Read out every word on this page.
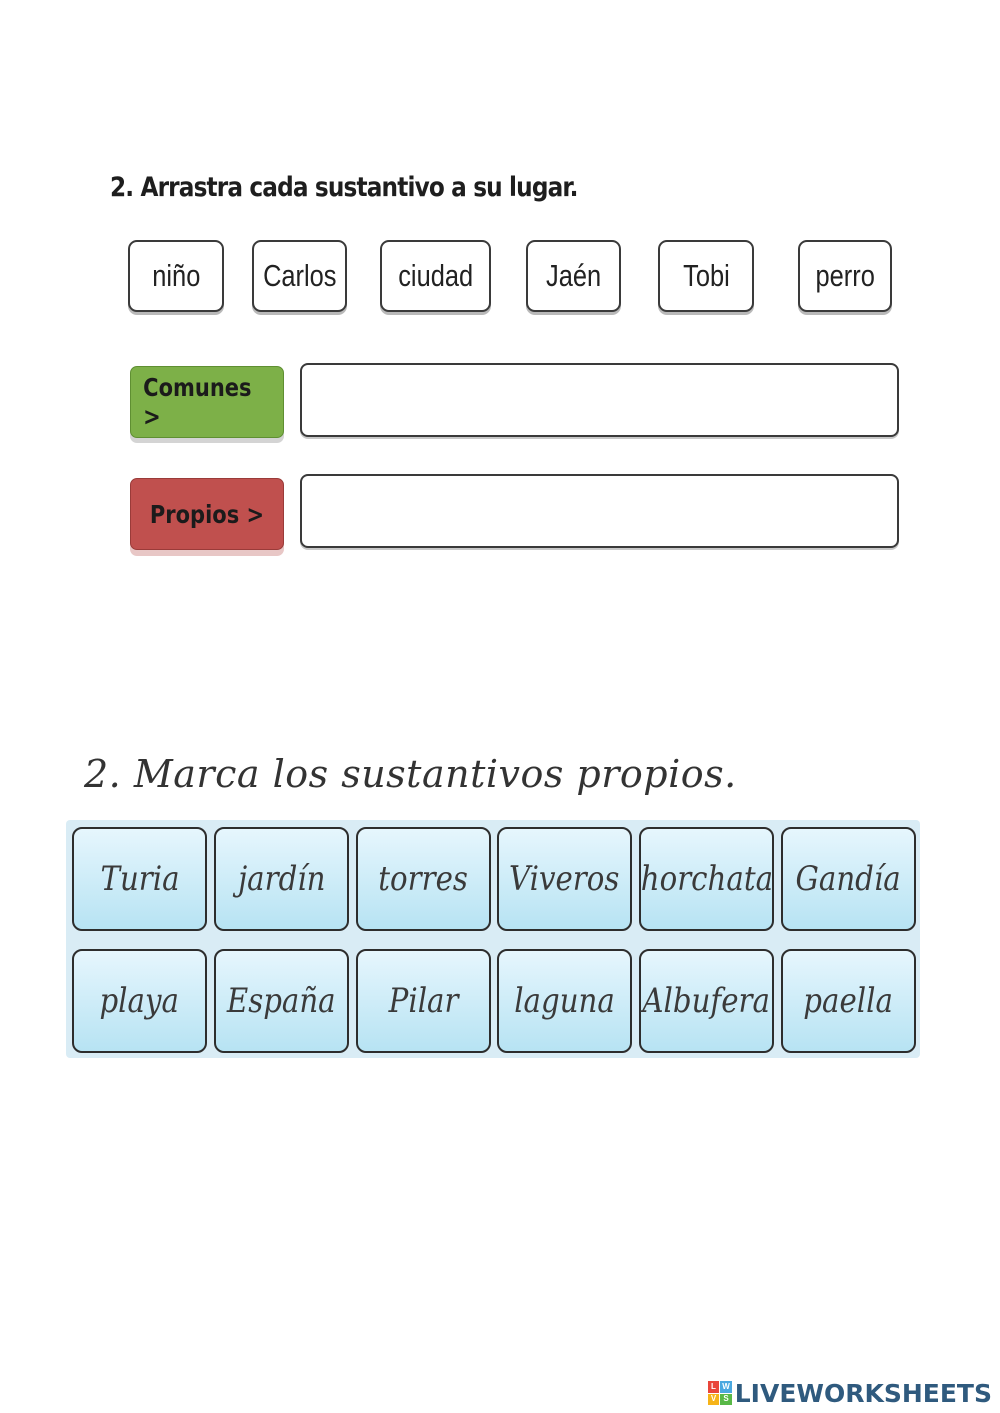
2. Arrastra cada sustantivo a su lugar.
niño Carlos ciudad Jaén	Tobi	perro
Comunes >
Propios >
2. Marca los sustantivos propios.
Turia jardín torres Viveros horchata Gandía
playa España Pilar laguna Albufera paella
L W
V S LIVEWORKSHEETS
